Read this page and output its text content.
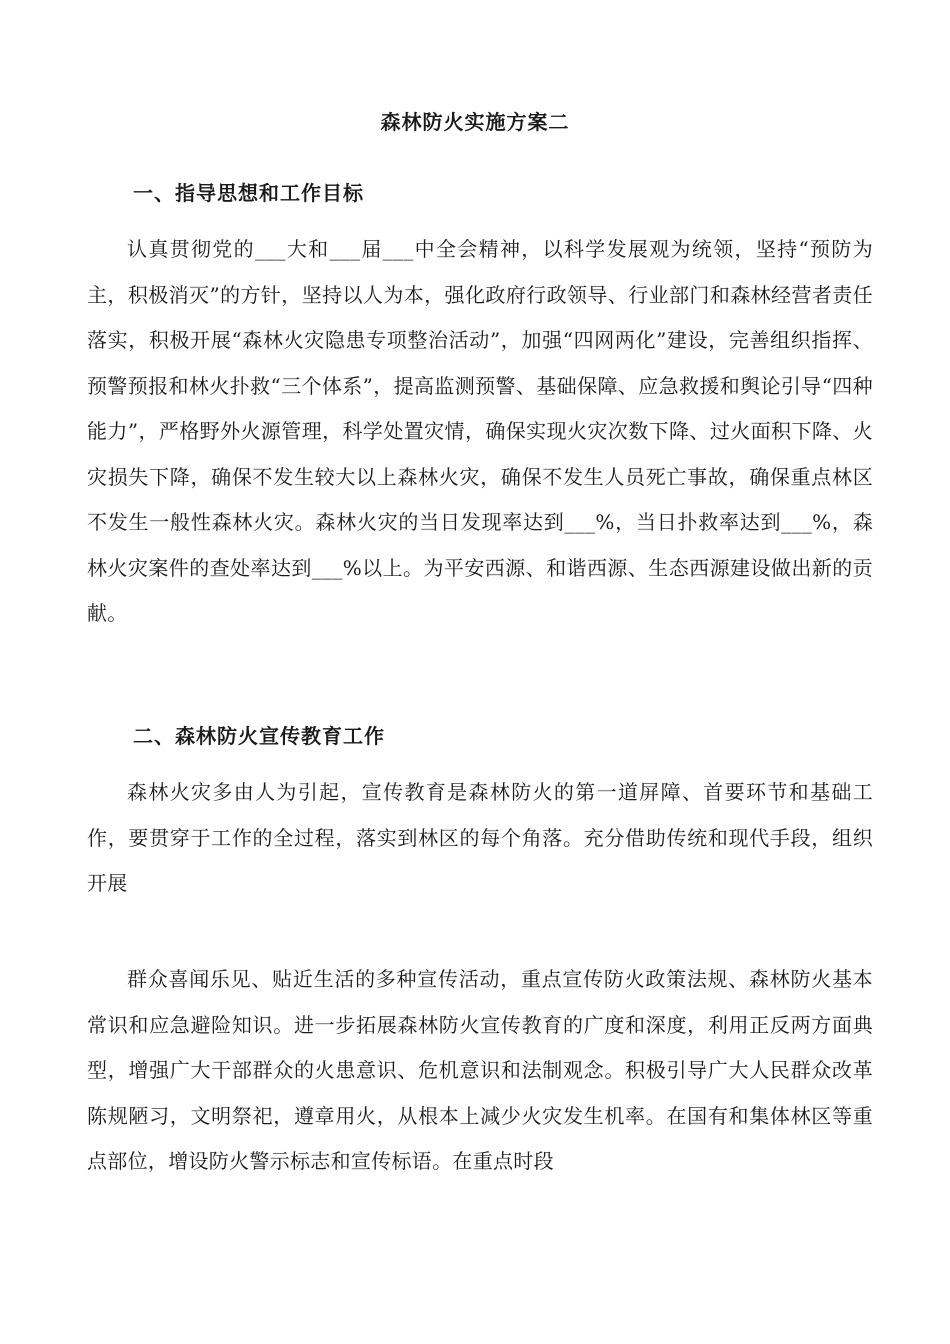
森林防火实施方案二
一、指导思想和工作目标

认真贯彻党的___大和___届___中全会精神，以科学发展观为统领，坚持“预防为主，积极消灭”的方针，坚持以人为本，强化政府行政领导、行业部门和森林经营者责任落实，积极开展“森林火灾隐患专项整治活动”，加强“四网两化”建设，完善组织指挥、预警预报和林火扑救“三个体系”，提高监测预警、基础保障、应急救援和舆论引导“四种能力”，严格野外火源管理，科学处置灾情，确保实现火灾次数下降、过火面积下降、火灾损失下降，确保不发生较大以上森林火灾，确保不发生人员死亡事故，确保重点林区不发生一般性森林火灾。森林火灾的当日发现率达到___%，当日扑救率达到___%，森林火灾案件的查处率达到___%以上。为平安西源、和谐西源、生态西源建设做出新的贡献。

二、森林防火宣传教育工作

森林火灾多由人为引起，宣传教育是森林防火的第一道屏障、首要环节和基础工作，要贯穿于工作的全过程，落实到林区的每个角落。充分借助传统和现代手段，组织开展

群众喜闻乐见、贴近生活的多种宣传活动，重点宣传防火政策法规、森林防火基本常识和应急避险知识。进一步拓展森林防火宣传教育的广度和深度，利用正反两方面典型，增强广大干部群众的火患意识、危机意识和法制观念。积极引导广大人民群众改革陈规陋习，文明祭祀，遵章用火，从根本上减少火灾发生机率。在国有和集体林区等重点部位，增设防火警示标志和宣传标语。在重点时段
